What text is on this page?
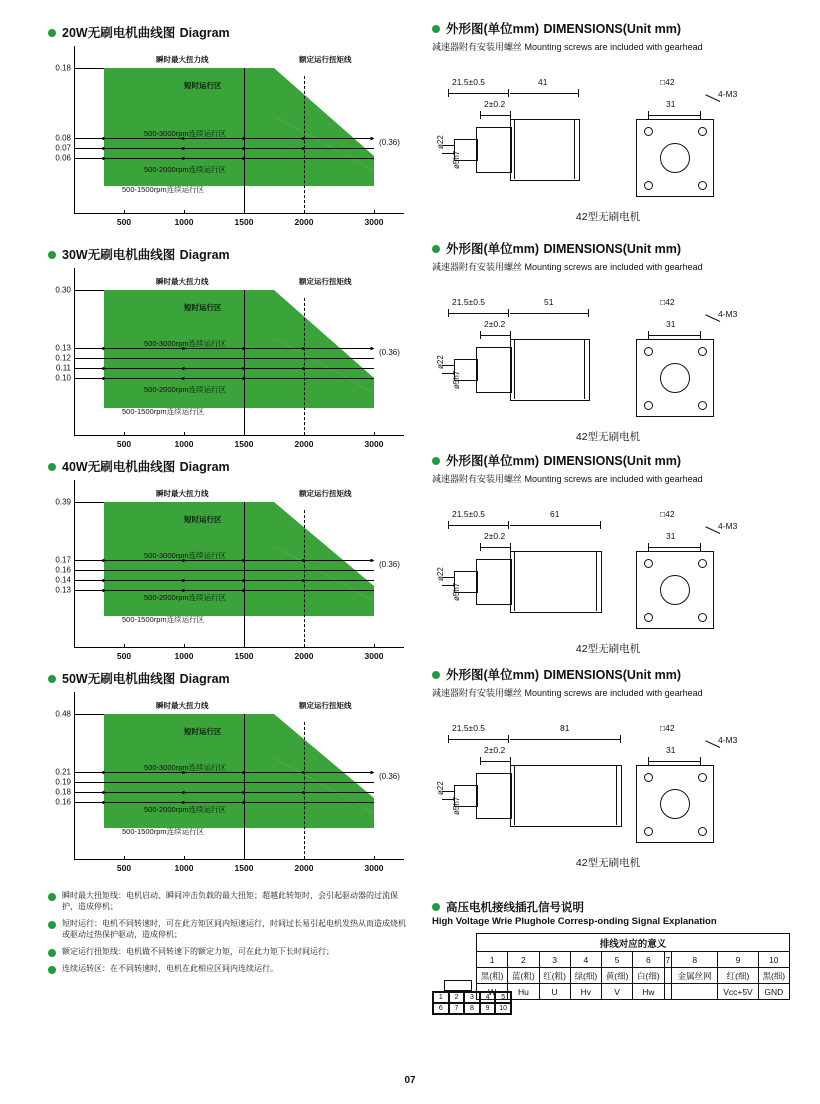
20W无刷电机曲线图 Diagram
0.18
0.08
0.07
0.06
500	1000	1500	2000	3000
瞬时最大扭力线	额定运行扭矩线
短时运行区
500-3000rpm连续运行区
500-2000rpm连续运行区
500-1500rpm连续运行区
(0.36)
30W无刷电机曲线图 Diagram
0.30
0.13
0.12
0.11
0.10
500	1000	1500	2000	3000
瞬时最大扭力线	额定运行扭矩线
短时运行区
500-3000rpm连续运行区
500-2000rpm连续运行区
500-1500rpm连续运行区
(0.36)
40W无刷电机曲线图 Diagram
0.39
0.17
0.16
0.14
0.13
500	1000	1500	2000	3000
瞬时最大扭力线	额定运行扭矩线
短时运行区
500-3000rpm连续运行区
500-2000rpm连续运行区
500-1500rpm连续运行区
(0.36)
50W无刷电机曲线图 Diagram
0.48
0.21
0.19
0.18
0.16
500	1000	1500	2000	3000
瞬时最大扭力线	额定运行扭矩线
短时运行区
500-3000rpm连续运行区
500-2000rpm连续运行区
500-1500rpm连续运行区
(0.36)
外形图(单位mm) DIMENSIONS(Unit mm)
减速器附有安装用螺丝 Mounting screws are included with gearhead
21.5±0.5	41
2±0.2
ø22
ø5h7
□42
31
4-M3
42型无刷电机
外形图(单位mm) DIMENSIONS(Unit mm)
减速器附有安装用螺丝 Mounting screws are included with gearhead
21.5±0.5	51
2±0.2
ø22
ø5h7
□42
31
4-M3
42型无刷电机
外形图(单位mm) DIMENSIONS(Unit mm)
减速器附有安装用螺丝 Mounting screws are included with gearhead
21.5±0.5	61
2±0.2
ø22
ø5h7
□42
31
4-M3
42型无刷电机
外形图(单位mm) DIMENSIONS(Unit mm)
减速器附有安装用螺丝 Mounting screws are included with gearhead
21.5±0.5	81
2±0.2
ø22
ø5h7
□42
31
4-M3
42型无刷电机
瞬时最大扭矩线：电机启动、瞬间冲击负载的最大扭矩；超越此转矩时，会引起驱动器的过流保护，造成停机；
短时运行：电机不同转速时，可在此方矩区间内短速运行，时间过长易引起电机发热从而造成烧机或驱动过热保护驱动，造成停机；
额定运行扭矩线：电机做不同转速下的额定力矩，可在此力矩下长时间运行；
连续运转区：在不同转速时，电机在此相应区间内连续运行。
高压电机接线插孔信号说明
High Voltage Wrie Plughole Corresp-onding Signal Explanation
排线对应的意义									
1	2	3	4	5	6	7	8	9	10
黑(粗)	蓝(粗)	红(粗)	绿(细)	黄(细)	白(细)		金属丝网	红(细)	黑(细)
W	Hu	U	Hv	V	Hw			Vcc+5V	GND
1	2	3	4	5
6	7	8	9	10
07
